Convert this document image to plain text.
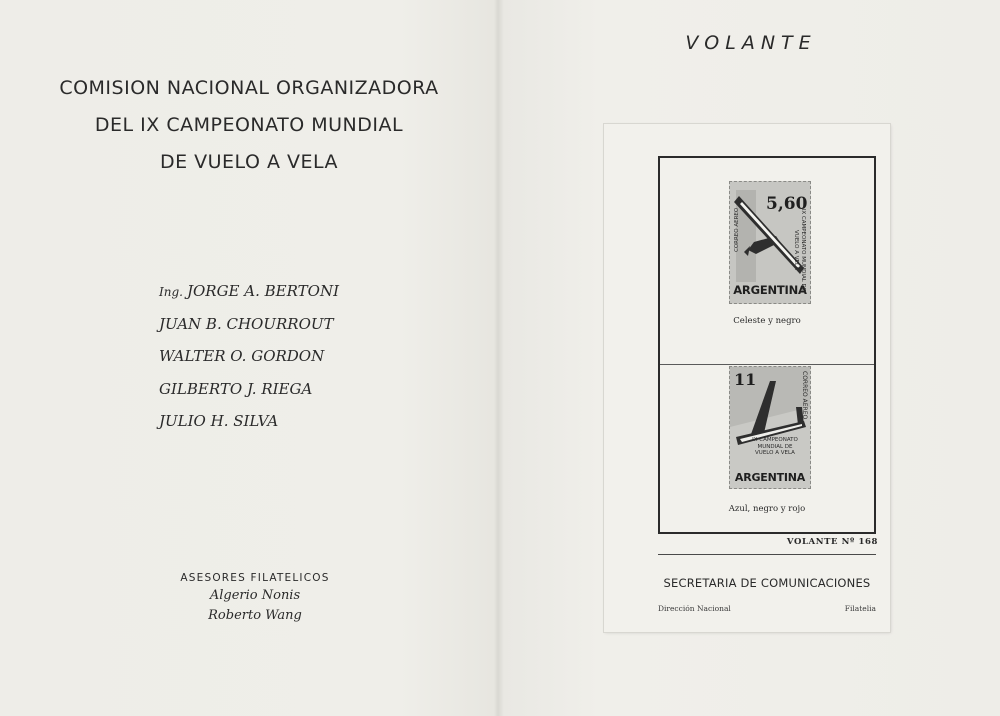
COMISION NACIONAL ORGANIZADORA
DEL IX CAMPEONATO MUNDIAL
DE VUELO A VELA
Ing. JORGE A. BERTONI
JUAN B. CHOURROUT
WALTER O. GORDON
GILBERTO J. RIEGA
JULIO H. SILVA
ASESORES FILATELICOS
Algerio Nonis
Roberto Wang
VOLANTE
5,60
IX CAMPEONATO MUNDIAL DE VUELO A VELA
CORREO AEREO
ARGENTINA
Celeste y negro
11
IX CAMPEONATO MUNDIAL DE VUELO A VELA
CORREO AEREO
ARGENTINA
Azul, negro y rojo
VOLANTE Nº 168
SECRETARIA DE COMUNICACIONES
Dirección Nacional	Filatelia
